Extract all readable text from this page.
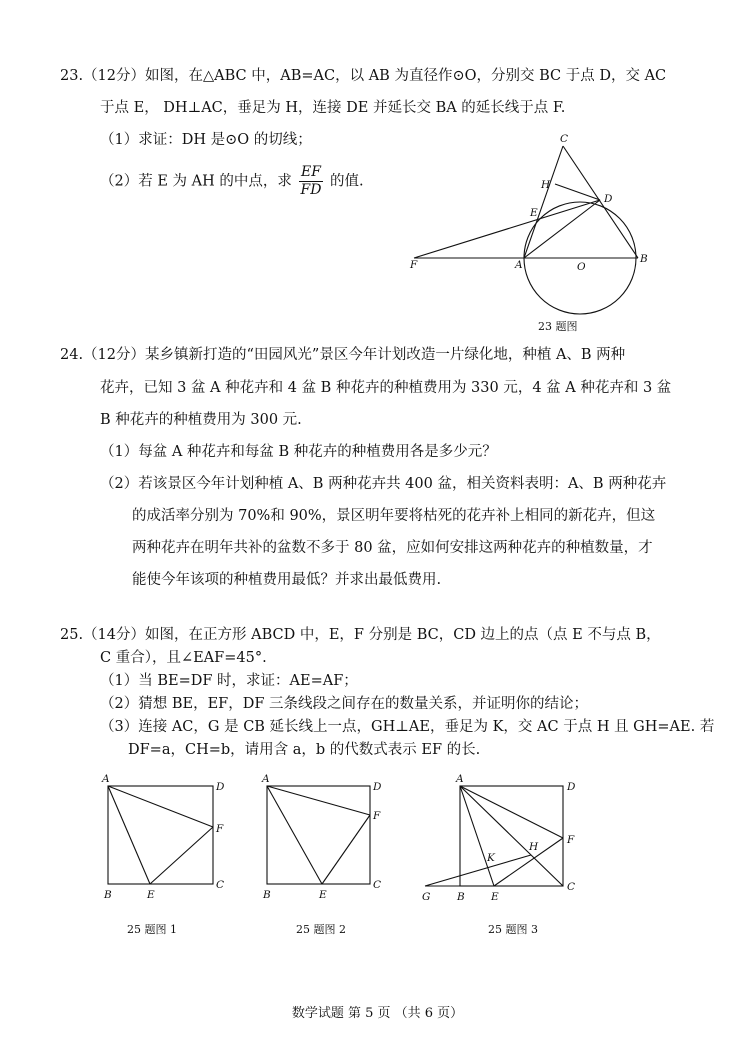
23.（12分）如图，在△ABC 中，AB=AC，以 AB 为直径作⊙O，分别交 BC 于点 D，交 AC
于点 E， DH⊥AC，垂足为 H，连接 DE 并延长交 BA 的延长线于点 F.
（1）求证：DH 是⊙O 的切线；
（2）若 E 为 AH 的中点，求 $\frac{EF}{FD}$ 的值.
C
H
D
E
F	A	O
B
23 题图
A
D
F
B	E
C
25 题图 1
A
D
F
B	E
C
25 题图 2
A
D
F
H
K
G	B	E
C
25 题图 3
24.（12分）某乡镇新打造的“田园风光”景区今年计划改造一片绿化地，种植 A、B 两种
花卉，已知 3 盆 A 种花卉和 4 盆 B 种花卉的种植费用为 330 元，4 盆 A 种花卉和 3 盆
B 种花卉的种植费用为 300 元.
（1）每盆 A 种花卉和每盆 B 种花卉的种植费用各是多少元？
（2）若该景区今年计划种植 A、B 两种花卉共 400 盆，相关资料表明：A、B 两种花卉
的成活率分别为 70%和 90%，景区明年要将枯死的花卉补上相同的新花卉，但这
两种花卉在明年共补的盆数不多于 80 盆，应如何安排这两种花卉的种植数量，才
能使今年该项的种植费用最低？并求出最低费用.
25.（14分）如图，在正方形 ABCD 中，E，F 分别是 BC，CD 边上的点（点 E 不与点 B，
C 重合），且∠EAF=45°.
（1）当 BE=DF 时，求证：AE=AF；
（2）猜想 BE，EF，DF 三条线段之间存在的数量关系，并证明你的结论；
（3）连接 AC，G 是 CB 延长线上一点，GH⊥AE，垂足为 K，交 AC 于点 H 且 GH=AE. 若
DF=a，CH=b，请用含 a，b 的代数式表示 EF 的长.
数学试题 第 5 页 （共 6 页）
